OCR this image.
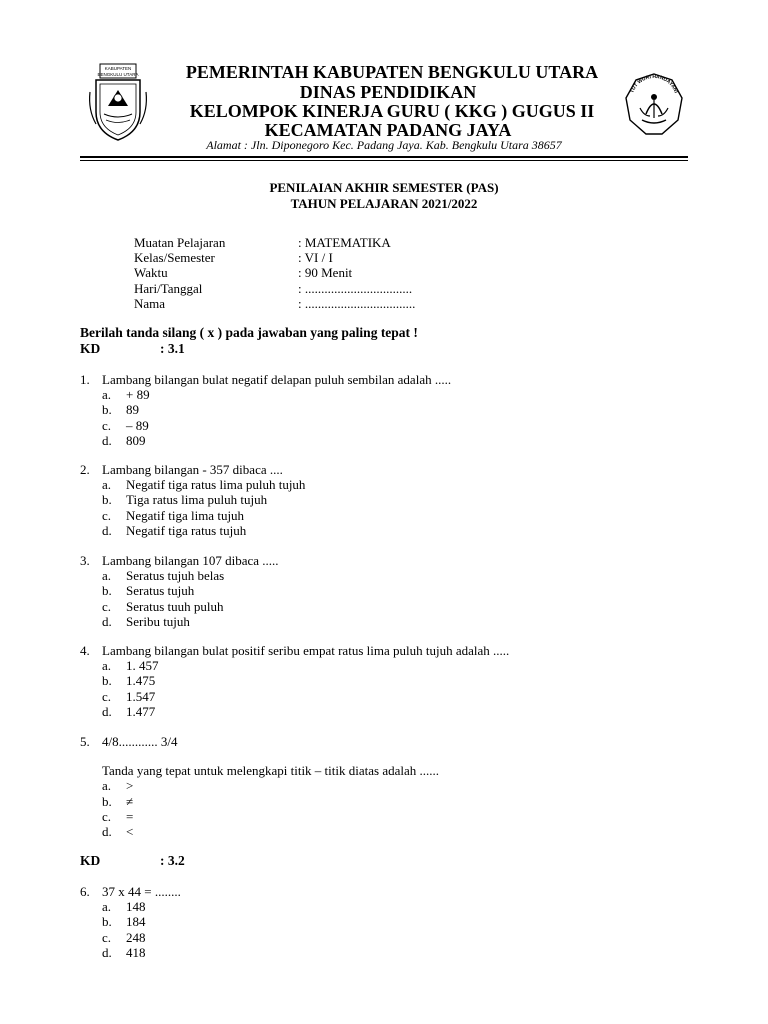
KABUPATEN
BENGKULU UTARA	PEMERINTAH KABUPATEN BENGKULU UTARA
DINAS PENDIDIKAN
KELOMPOK KINERJA GURU ( KKG ) GUGUS II
KECAMATAN PADANG JAYA
Alamat : Jln. Diponegoro Kec. Padang Jaya. Kab. Bengkulu Utara 38657
TUT WURI HANDAYANI
PENILAIAN AKHIR SEMESTER (PAS)
TAHUN PELAJARAN 2021/2022
Muatan Pelajaran	: MATEMATIKA
Kelas/Semester	: VI / I
Waktu	: 90 Menit
Hari/Tanggal	: .................................
Nama	: ..................................
Berilah tanda silang ( x ) pada jawaban yang paling tepat !
KD	: 3.1
1. Lambang bilangan bulat negatif delapan puluh sembilan adalah .....
a.	+ 89
b.	89
c.	– 89
d.	809
2. Lambang bilangan - 357 dibaca ....
a.	Negatif tiga ratus lima puluh tujuh
b.	Tiga ratus lima puluh tujuh
c.	Negatif tiga lima tujuh
d.	Negatif tiga ratus tujuh
3. Lambang bilangan 107 dibaca .....
a.	Seratus tujuh belas
b.	Seratus tujuh
c.	Seratus tuuh puluh
d.	Seribu tujuh
4. Lambang bilangan bulat positif seribu empat ratus lima puluh tujuh adalah .....
a.	1. 457
b.	1.475
c.	1.547
d.	1.477
5. 4/8............ 3/4
Tanda yang tepat untuk melengkapi titik – titik diatas adalah ......
a.	>
b.	≠
c.	=
d.	<
KD	: 3.2
6. 37 x 44 = ........
a.	148
b.	184
c.	248
d.	418
